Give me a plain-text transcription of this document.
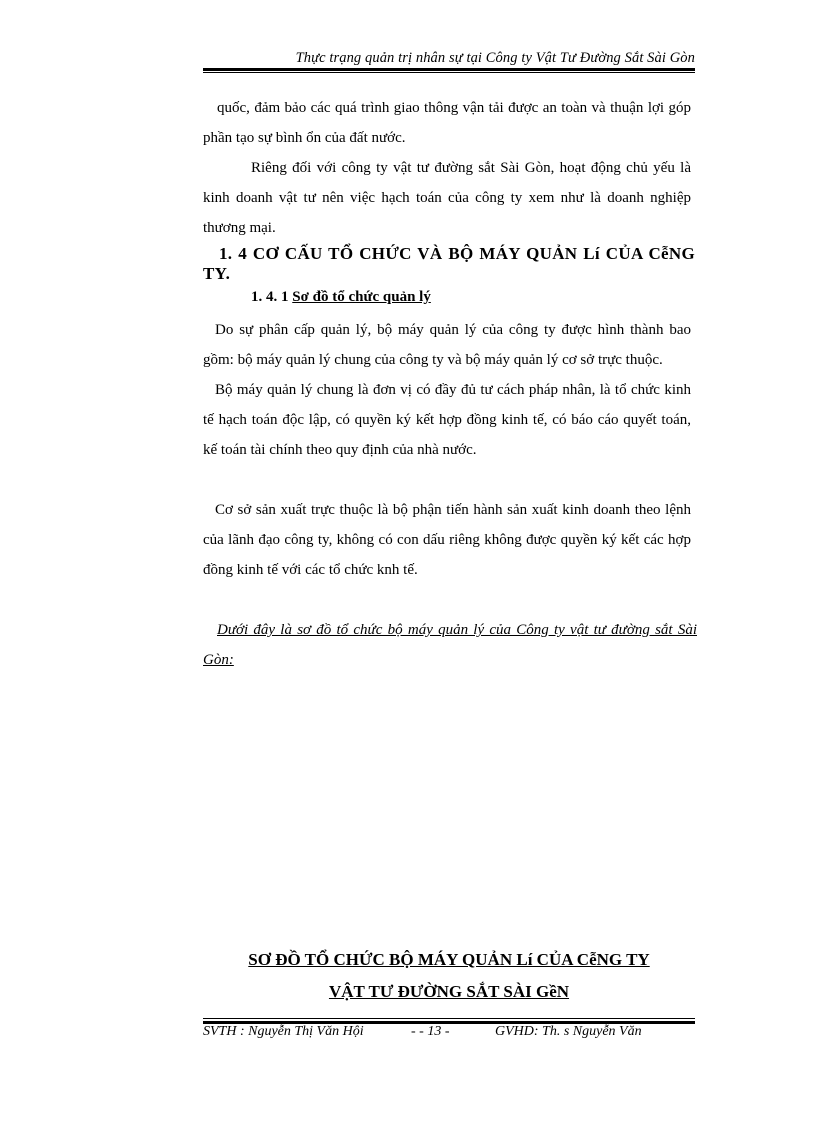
Thực trạng quản trị nhân sự tại Công ty Vật Tư Đường Sắt Sài Gòn
quốc, đảm bảo các quá trình giao thông vận tải được an toàn và thuận lợi góp phần tạo sự bình ổn của đất nước.
Riêng đối với công ty vật tư đường sắt Sài Gòn, hoạt động chủ yếu là kinh doanh vật tư nên việc hạch toán của công ty xem như là doanh nghiệp thương mại.
1. 4 CƠ CẤU TỔ CHỨC VÀ BỘ MÁY QUẢN Lí CỦA CễNG TY.
1. 4. 1 Sơ đồ tổ chức quản lý
Do sự phân cấp quản lý, bộ máy quản lý của công ty được hình thành bao gồm: bộ máy quản lý chung của công ty và bộ máy quản lý cơ sở trực thuộc.
Bộ máy quản lý chung là đơn vị có đầy đủ tư cách pháp nhân, là tổ chức kinh tế hạch toán độc lập, có quyền ký kết hợp đồng kinh tế, có báo cáo quyết toán, kế toán tài chính theo quy định của nhà nước.
Cơ sở sản xuất trực thuộc là bộ phận tiến hành sản xuất kinh doanh theo lệnh của lãnh đạo công ty, không có con dấu riêng không được quyền ký kết các hợp đồng kinh tế với các tổ chức knh tế.
Dưới đây là sơ đồ tổ chức bộ máy quản lý của Công ty vật tư đường sắt Sài Gòn:
SƠ ĐỒ TỔ CHỨC BỘ MÁY QUẢN Lí CỦA CễNG TY
VẬT TƯ ĐƯỜNG SẮT SÀI GềN
SVTH : Nguyễn Thị Văn Hội	- - 13 -	GVHD: Th. s Nguyễn Văn
